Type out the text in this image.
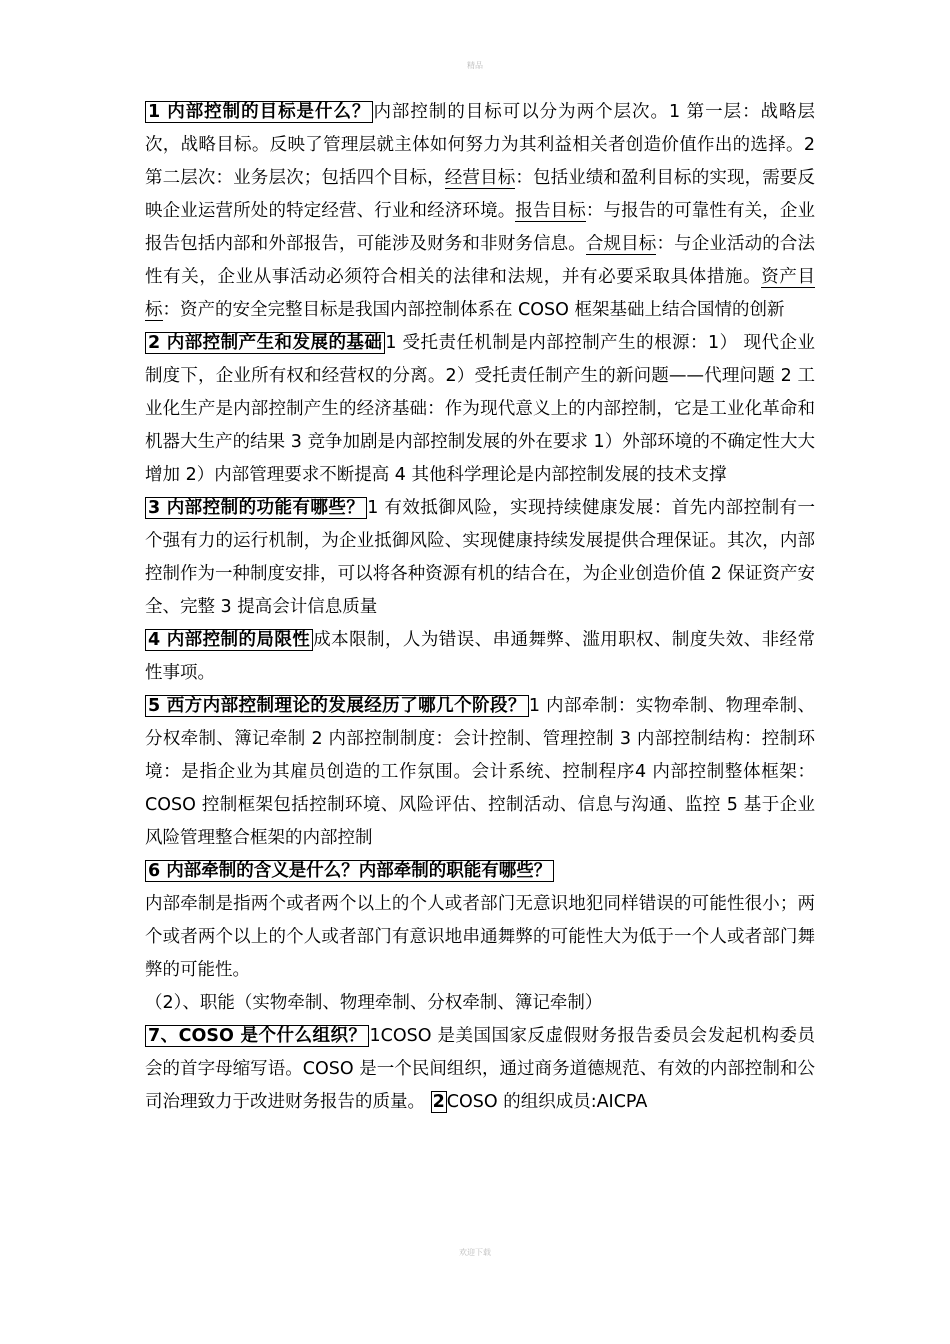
精品

1 内部控制的目标是什么？ 内部控制的目标可以分为两个层次。1 第一层：战略层次，战略目标。反映了管理层就主体如何努力为其利益相关者创造价值作出的选择。2 第二层次：业务层次；包括四个目标，经营目标：包括业绩和盈利目标的实现，需要反映企业运营所处的特定经营、行业和经济环境。报告目标：与报告的可靠性有关，企业报告包括内部和外部报告，可能涉及财务和非财务信息。合规目标：与企业活动的合法性有关，企业从事活动必须符合相关的法律和法规，并有必要采取具体措施。资产目标：资产的安全完整目标是我国内部控制体系在 COSO 框架基础上结合国情的创新

2 内部控制产生和发展的基础 1 受托责任机制是内部控制产生的根源：1） 现代企业制度下，企业所有权和经营权的分离。2）受托责任制产生的新问题——代理问题 2 工业化生产是内部控制产生的经济基础：作为现代意义上的内部控制，它是工业化革命和机器大生产的结果 3 竞争加剧是内部控制发展的外在要求 1）外部环境的不确定性大大增加 2）内部管理要求不断提高 4 其他科学理论是内部控制发展的技术支撑

3 内部控制的功能有哪些？ 1 有效抵御风险，实现持续健康发展：首先内部控制有一个强有力的运行机制，为企业抵御风险、实现健康持续发展提供合理保证。其次，内部控制作为一种制度安排，可以将各种资源有机的结合在，为企业创造价值 2 保证资产安全、完整 3 提高会计信息质量

4 内部控制的局限性 成本限制，人为错误、串通舞弊、滥用职权、制度失效、非经常性事项。

5 西方内部控制理论的发展经历了哪几个阶段？ 1 内部牵制：实物牵制、物理牵制、分权牵制、簿记牵制 2 内部控制制度：会计控制、管理控制 3 内部控制结构：控制环境：是指企业为其雇员创造的工作氛围。会计系统、控制程序4 内部控制整体框架：COSO 控制框架包括控制环境、风险评估、控制活动、信息与沟通、监控 5 基于企业风险管理整合框架的内部控制

6 内部牵制的含义是什么？内部牵制的职能有哪些？
内部牵制是指两个或者两个以上的个人或者部门无意识地犯同样错误的可能性很小；两个或者两个以上的个人或者部门有意识地串通舞弊的可能性大为低于一个人或者部门舞弊的可能性。
（2）、职能（实物牵制、物理牵制、分权牵制、簿记牵制）

7、COSO 是个什么组织？ 1COSO 是美国国家反虚假财务报告委员会发起机构委员会的首字母缩写语。COSO 是一个民间组织，通过商务道德规范、有效的内部控制和公司治理致力于改进财务报告的质量。 2 COSO 的组织成员:AICPA

欢迎下载
